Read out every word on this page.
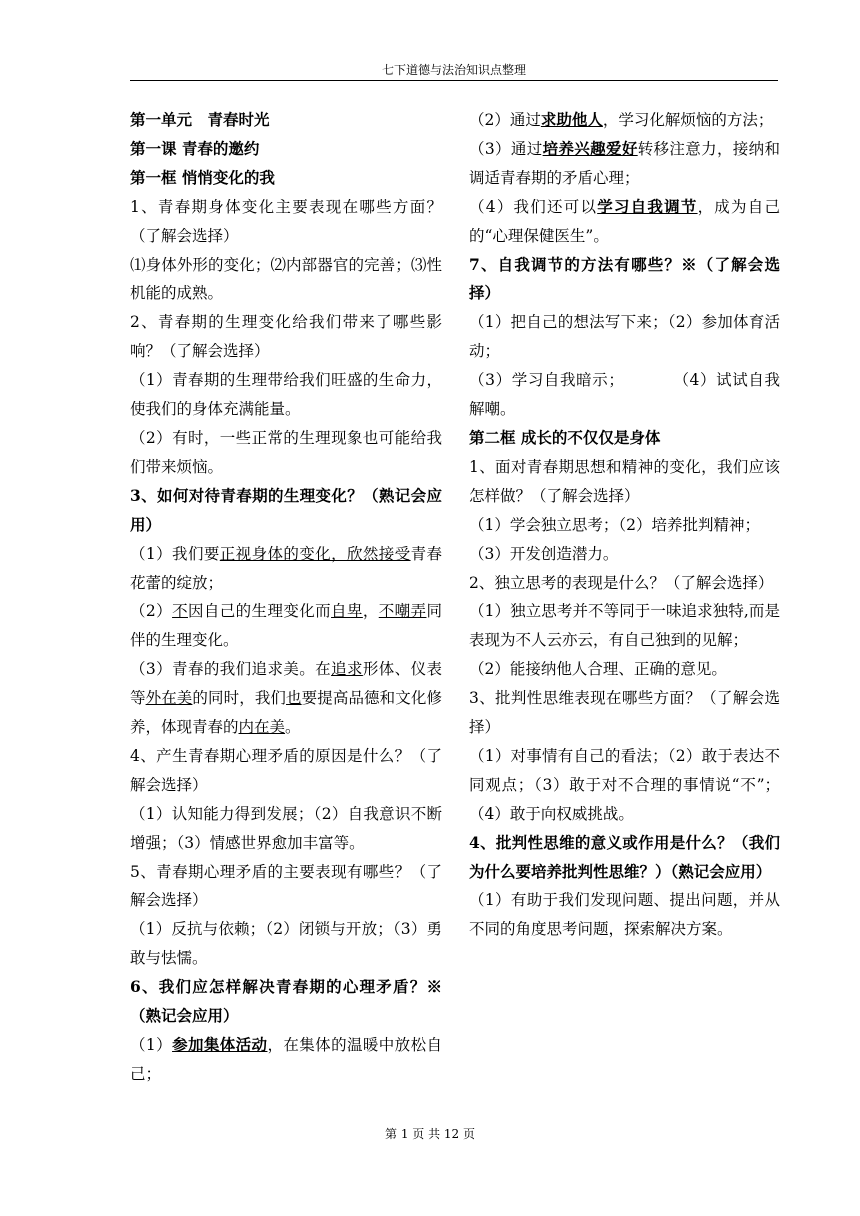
七下道德与法治知识点整理

第一单元　青春时光

第一课 青春的邀约

第一框 悄悄变化的我

1、青春期身体变化主要表现在哪些方面？（了解会选择）

⑴身体外形的变化；⑵内部器官的完善；⑶性机能的成熟。

2、青春期的生理变化给我们带来了哪些影响？（了解会选择）

（1）青春期的生理带给我们旺盛的生命力，使我们的身体充满能量。

（2）有时，一些正常的生理现象也可能给我们带来烦恼。

3、如何对待青春期的生理变化？（熟记会应用）

（1）我们要正视身体的变化，欣然接受青春花蕾的绽放；

（2）不因自己的生理变化而自卑，不嘲弄同伴的生理变化。

（3）青春的我们追求美。在追求形体、仪表等外在美的同时，我们也要提高品德和文化修养，体现青春的内在美。

4、产生青春期心理矛盾的原因是什么？（了解会选择）

（1）认知能力得到发展；（2）自我意识不断增强；（3）情感世界愈加丰富等。

5、青春期心理矛盾的主要表现有哪些？（了解会选择）

（1）反抗与依赖；（2）闭锁与开放；（3）勇敢与怯懦。

6、我们应怎样解决青春期的心理矛盾？※（熟记会应用）

（1）参加集体活动，在集体的温暖中放松自己；

（2）通过求助他人，学习化解烦恼的方法；

（3）通过培养兴趣爱好转移注意力，接纳和调适青春期的矛盾心理；

（4）我们还可以学习自我调节，成为自己的“心理保健医生”。

7、自我调节的方法有哪些？※（了解会选择）

（1）把自己的想法写下来；（2）参加体育活动；

（3）学习自我暗示；　　　　（4）试试自我解嘲。

第二框 成长的不仅仅是身体

1、面对青春期思想和精神的变化，我们应该怎样做？（了解会选择）

（1）学会独立思考；（2）培养批判精神；

（3）开发创造潜力。

2、独立思考的表现是什么？（了解会选择）

（1）独立思考并不等同于一味追求独特,而是表现为不人云亦云，有自己独到的见解；

（2）能接纳他人合理、正确的意见。

3、批判性思维表现在哪些方面？（了解会选择）

（1）对事情有自己的看法；（2）敢于表达不同观点；（3）敢于对不合理的事情说“不”；（4）敢于向权威挑战。

4、批判性思维的意义或作用是什么？（我们为什么要培养批判性思维？）（熟记会应用）

（1）有助于我们发现问题、提出问题，并从不同的角度思考问题，探索解决方案。

第 1 页 共 12 页
